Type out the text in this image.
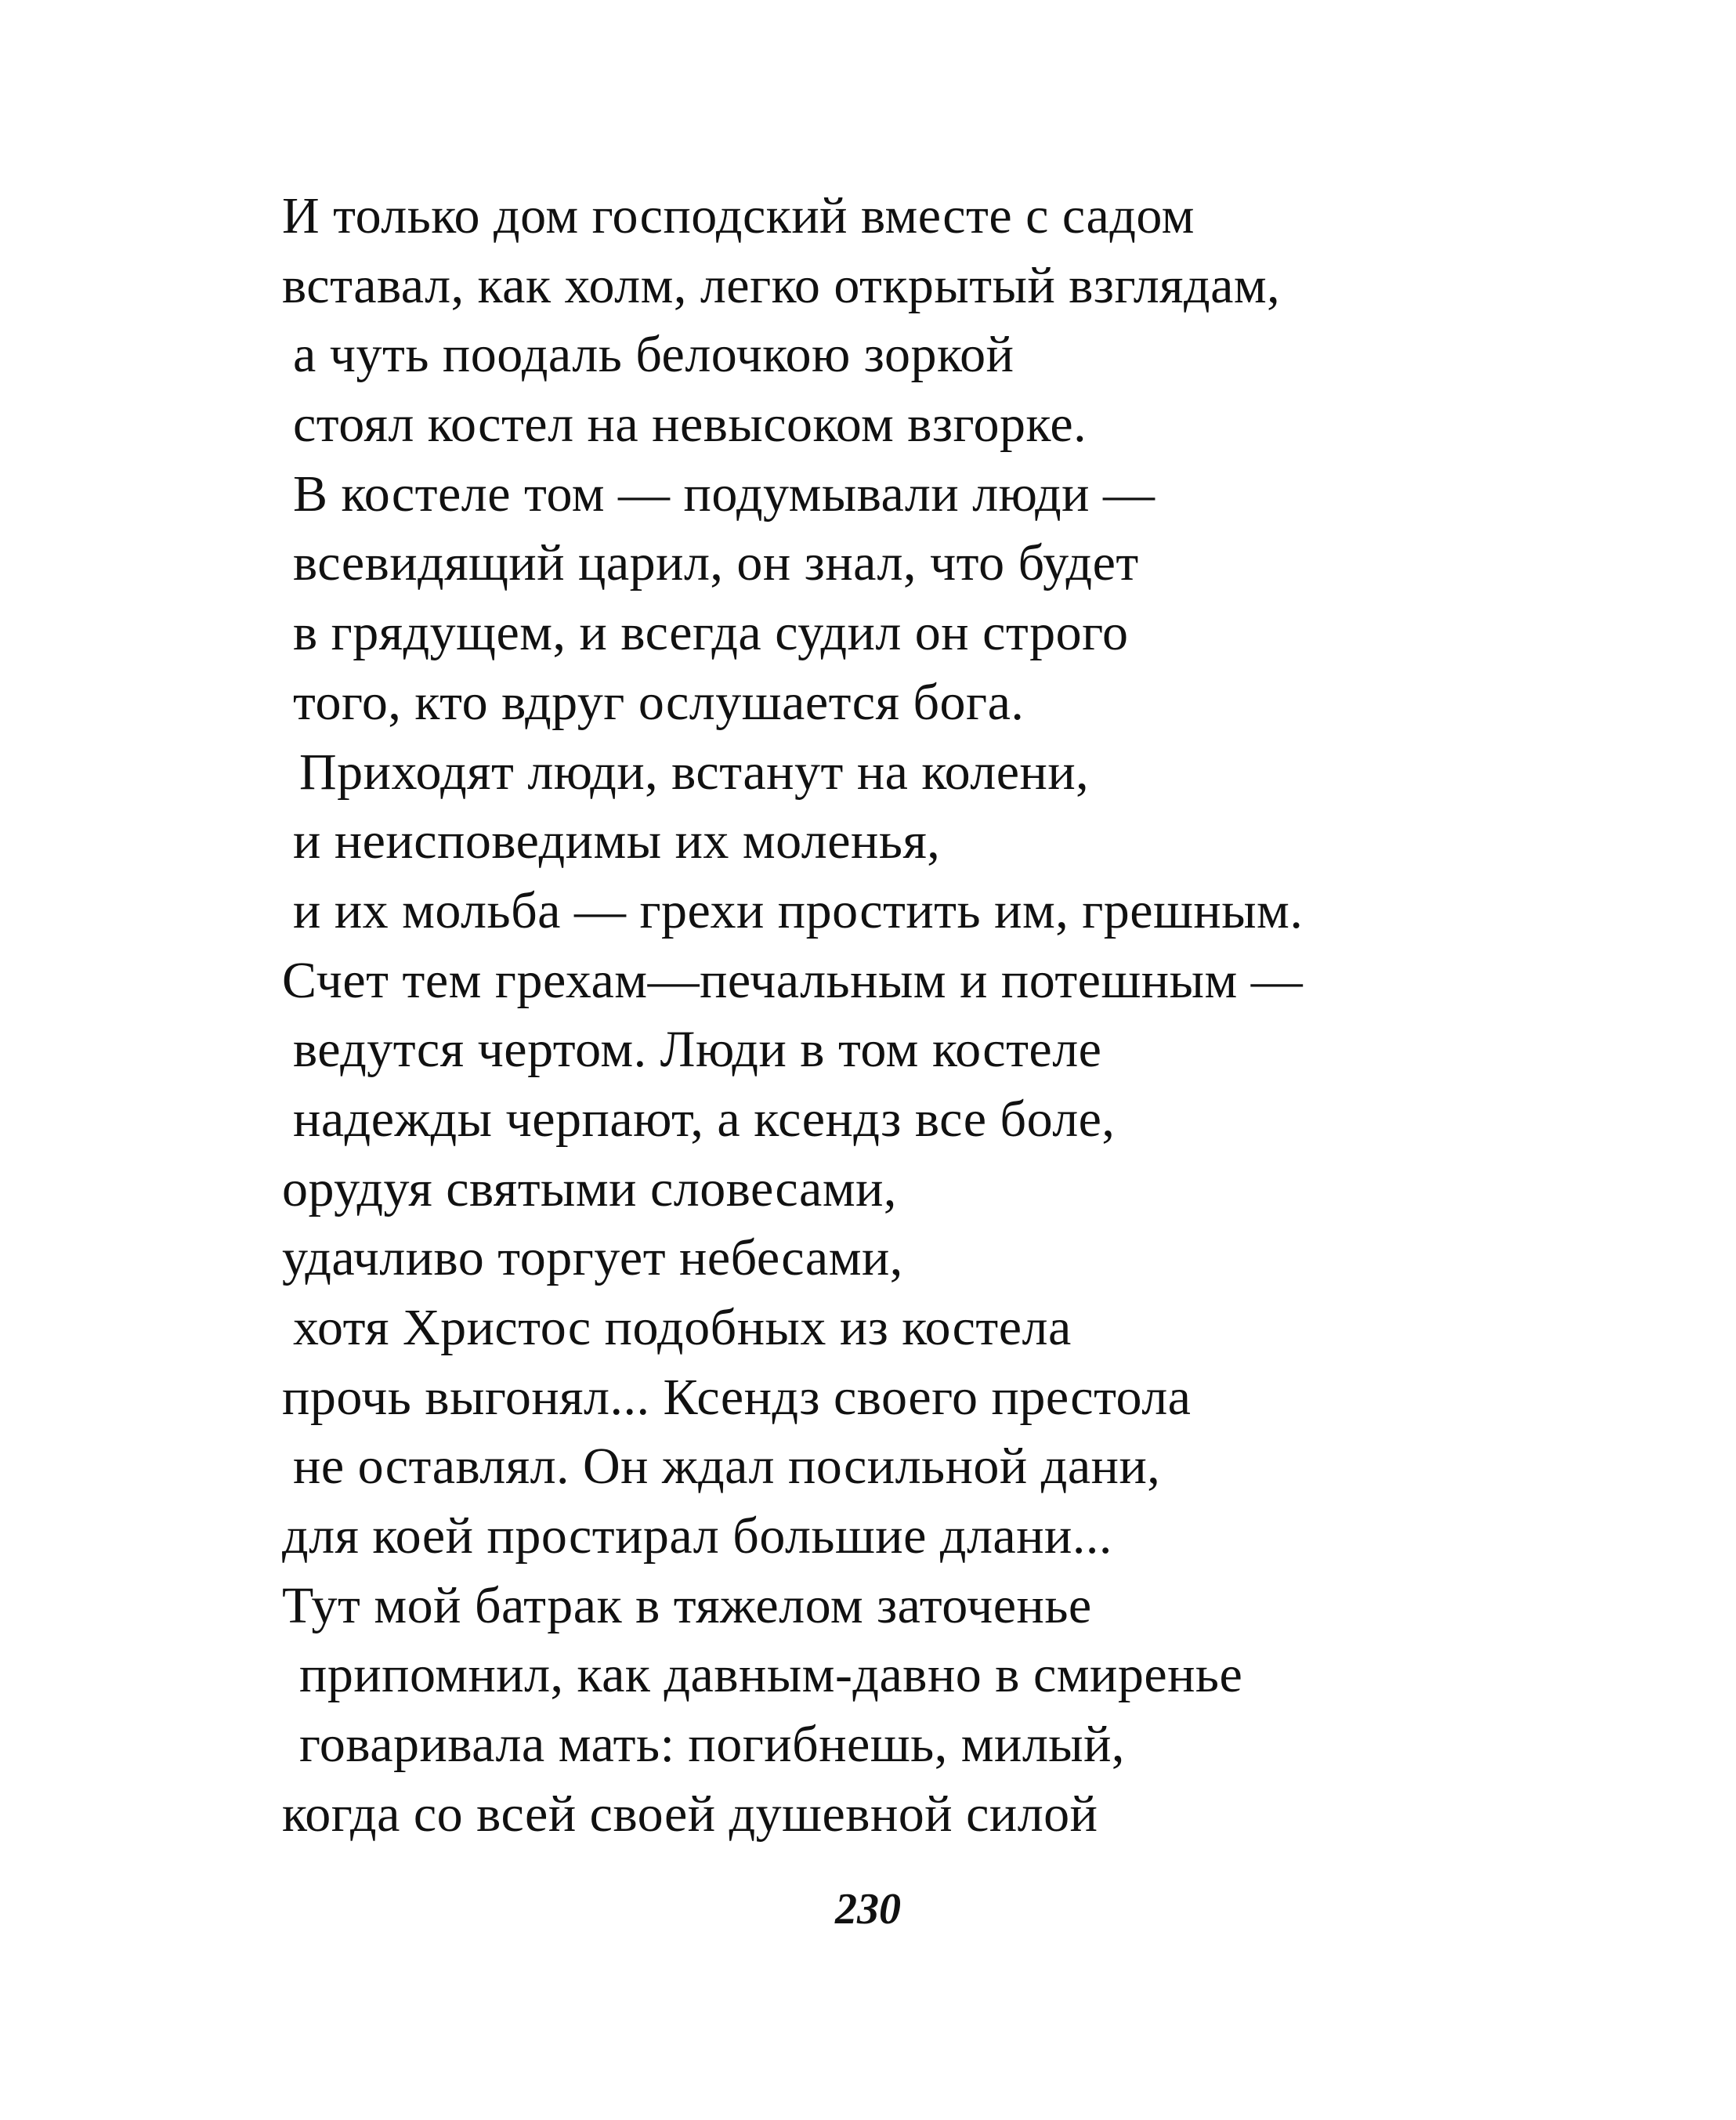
И только дом господский вместе с садом
вставал, как холм, легко открытый взглядам,
а чуть поодаль белочкою зоркой
стоял костел на невысоком взгорке.
В костеле том — подумывали люди —
всевидящий царил, он знал, что будет
в грядущем, и всегда судил он строго
того, кто вдруг ослушается бога.
Приходят люди, встанут на колени,
и неисповедимы их моленья,
и их мольба — грехи простить им, грешным.
Счет тем грехам—печальным и потешным —
ведутся чертом. Люди в том костеле
надежды черпают, а ксендз все боле,
орудуя святыми словесами,
удачливо торгует небесами,
хотя Христос подобных из костела
прочь выгонял... Ксендз своего престола
не оставлял. Он ждал посильной дани,
для коей простирал большие длани...
Тут мой батрак в тяжелом заточенье
припомнил, как давным-давно в смиренье
говаривала мать: погибнешь, милый,
когда со всей своей душевной силой
230
